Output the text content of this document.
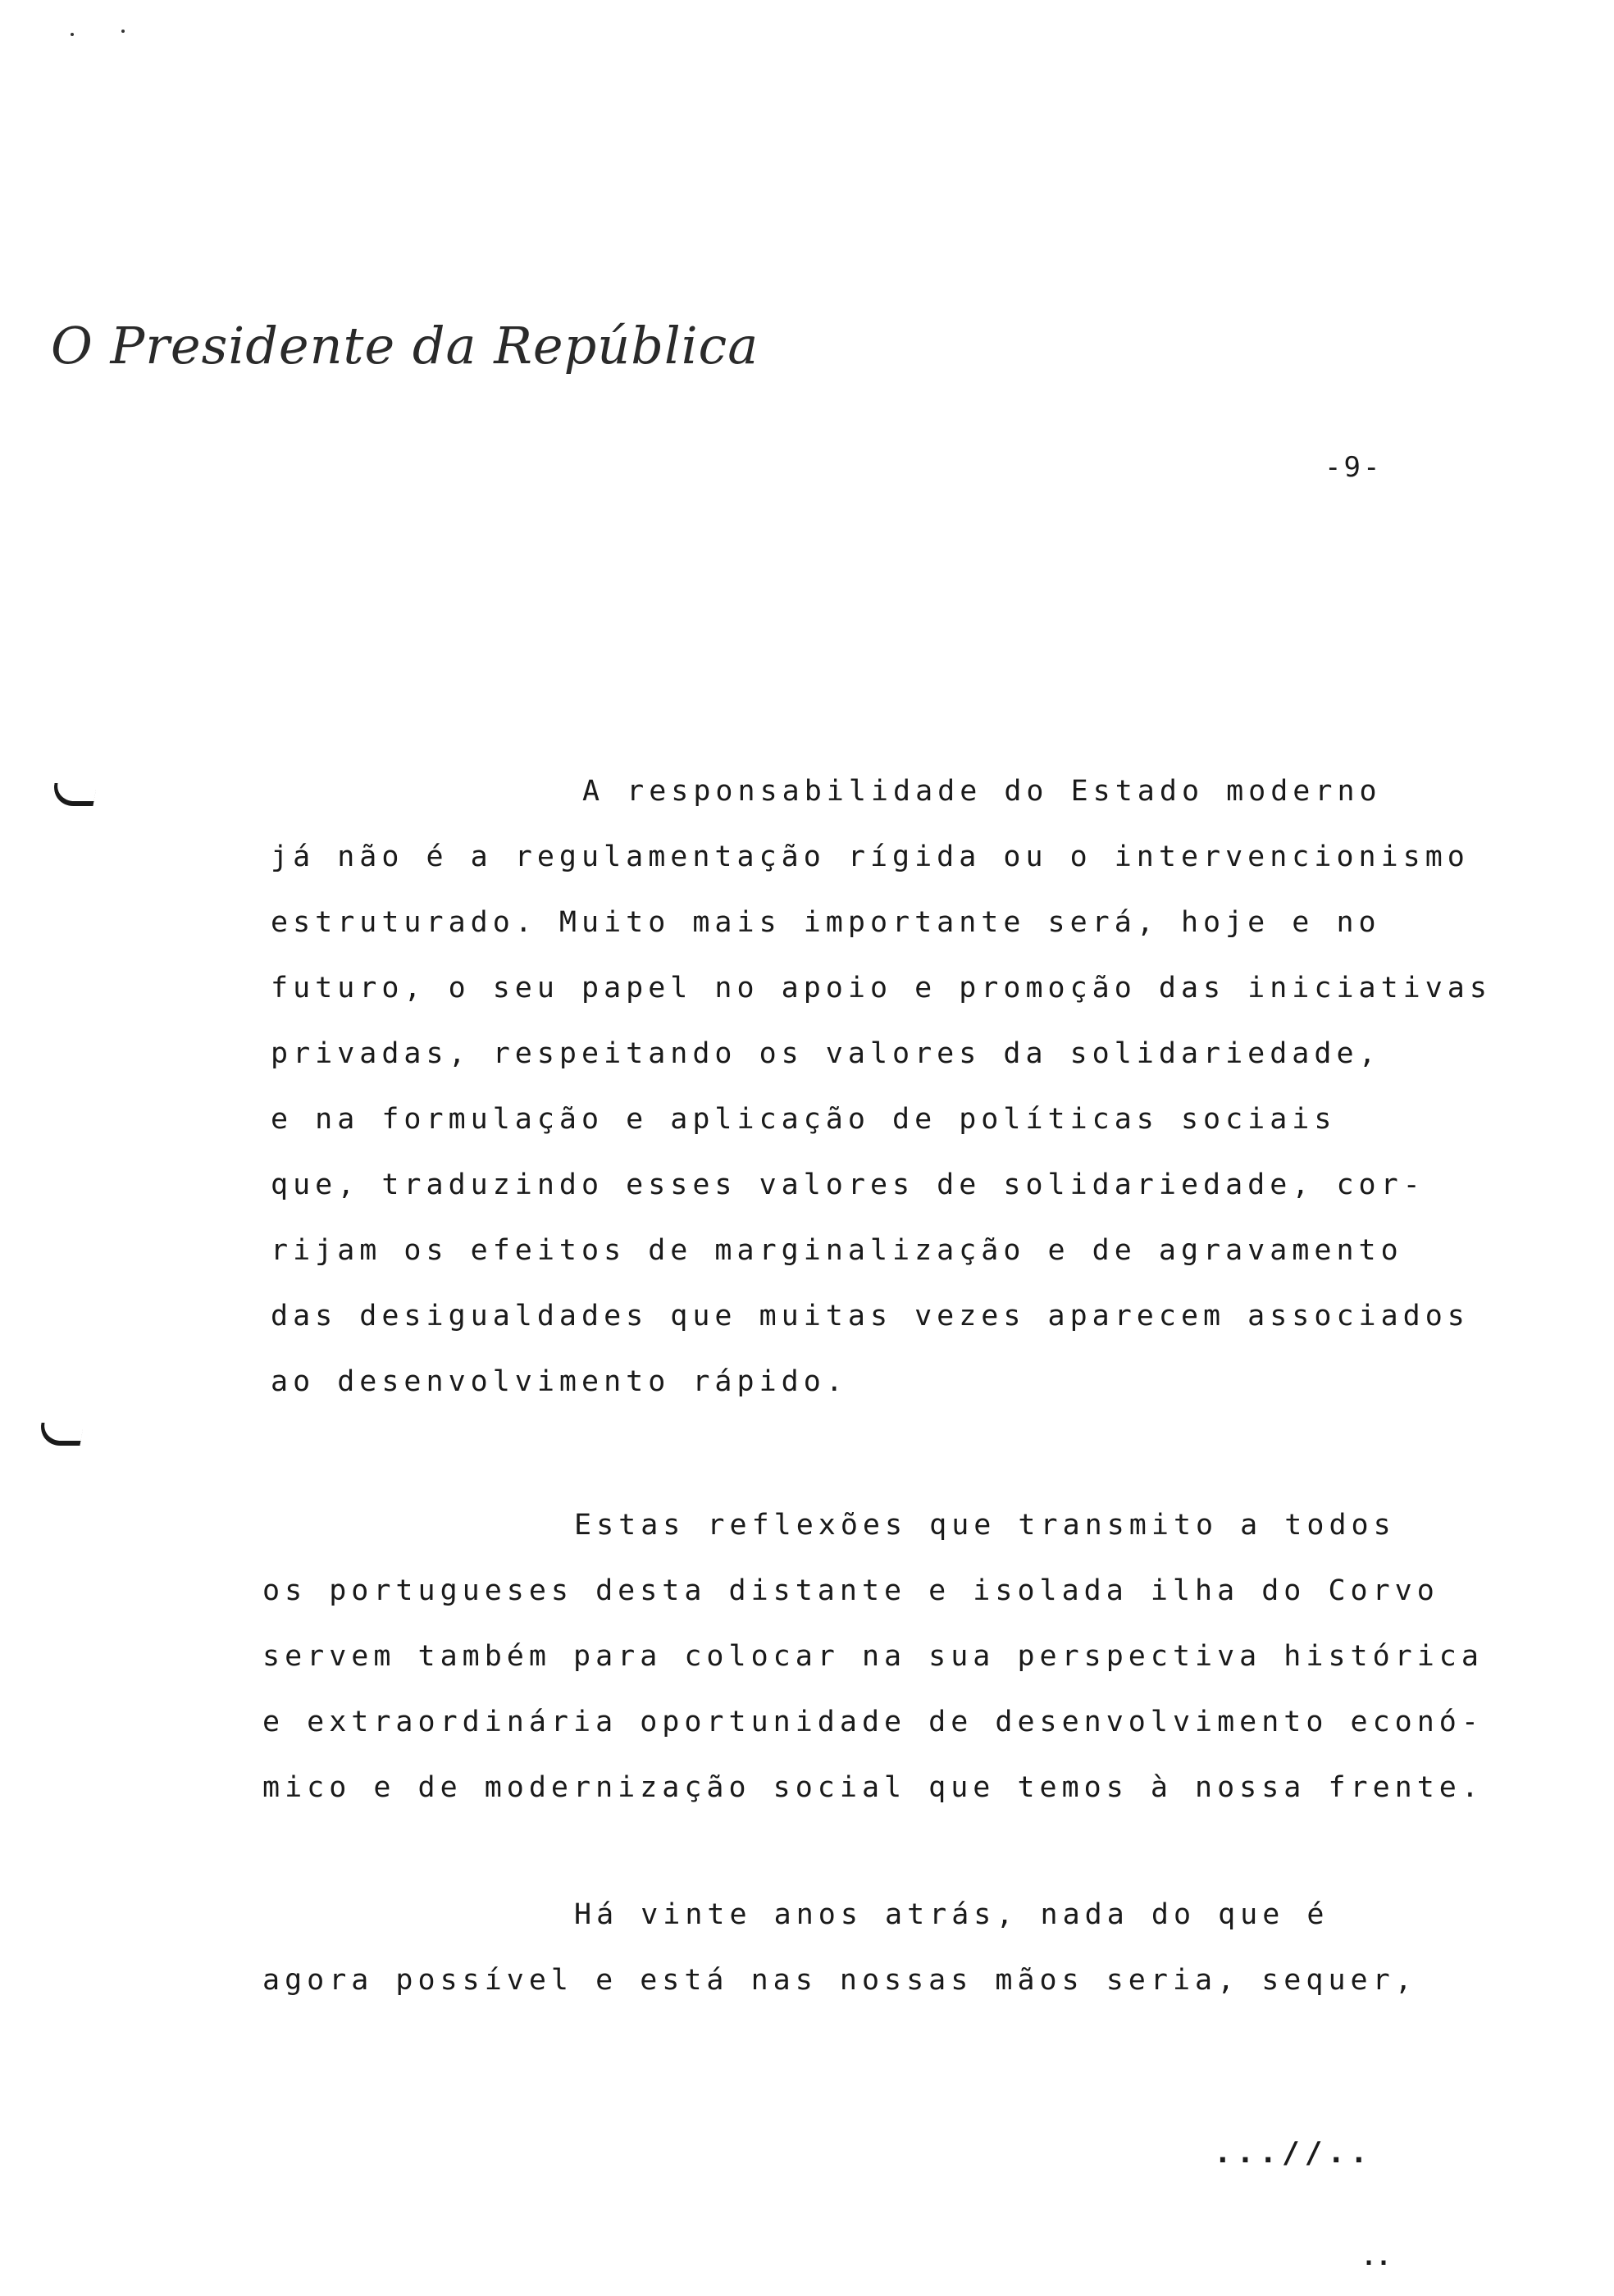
O Presidente da República
-9-
A responsabilidade do Estado moderno
já não é a regulamentação rígida ou o intervencionismo
estruturado. Muito mais importante será, hoje e no
futuro, o seu papel no apoio e promoção das iniciativas
privadas, respeitando os valores da solidariedade,
e na formulação e aplicação de políticas sociais
que, traduzindo esses valores de solidariedade, cor-
rijam os efeitos de marginalização e de agravamento
das desigualdades que muitas vezes aparecem associados
ao desenvolvimento rápido.
Estas reflexões que transmito a todos
os portugueses desta distante e isolada ilha do Corvo
servem também para colocar na sua perspectiva histórica
e extraordinária oportunidade de desenvolvimento econó-
mico e de modernização social que temos à nossa frente.
Há vinte anos atrás, nada do que é
agora possível e está nas nossas mãos seria, sequer,
...//..
..
